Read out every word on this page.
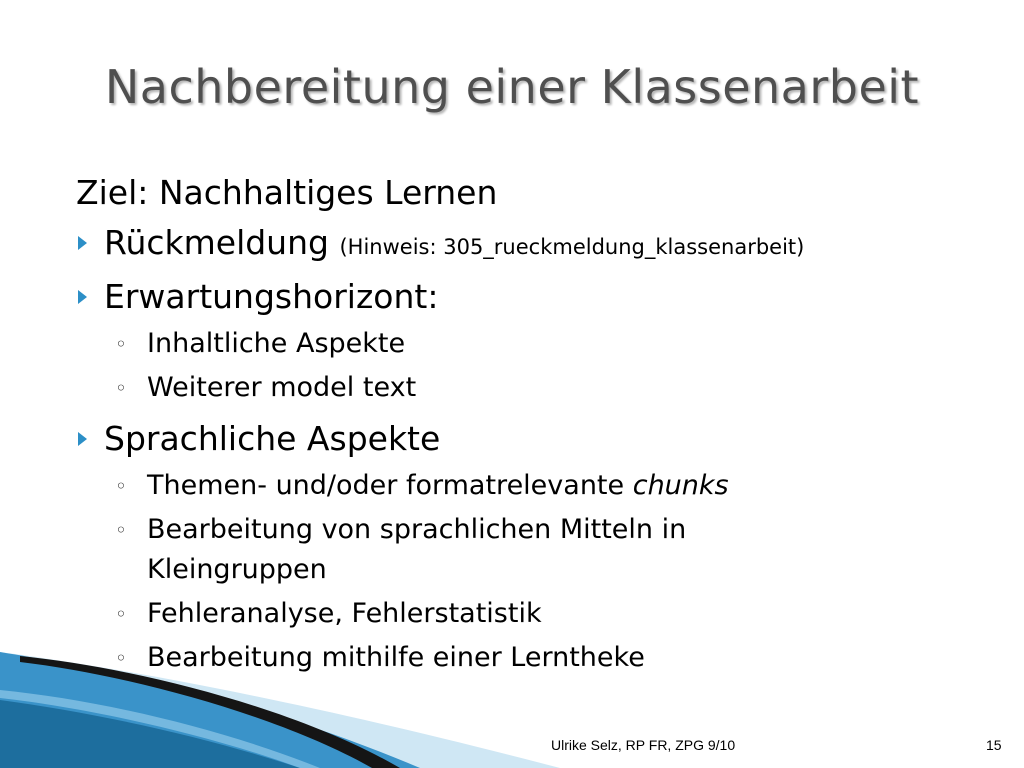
Nachbereitung einer Klassenarbeit
Ziel: Nachhaltiges Lernen
Rückmeldung (Hinweis: 305_rueckmeldung_klassenarbeit)
Erwartungshorizont:
◦ Inhaltliche Aspekte
◦ Weiterer model text
Sprachliche Aspekte
◦ Themen- und/oder formatrelevante chunks
◦ Bearbeitung von sprachlichen Mitteln in Kleingruppen
◦ Fehleranalyse, Fehlerstatistik
◦ Bearbeitung mithilfe einer Lerntheke
Ulrike Selz, RP FR, ZPG 9/10	15
